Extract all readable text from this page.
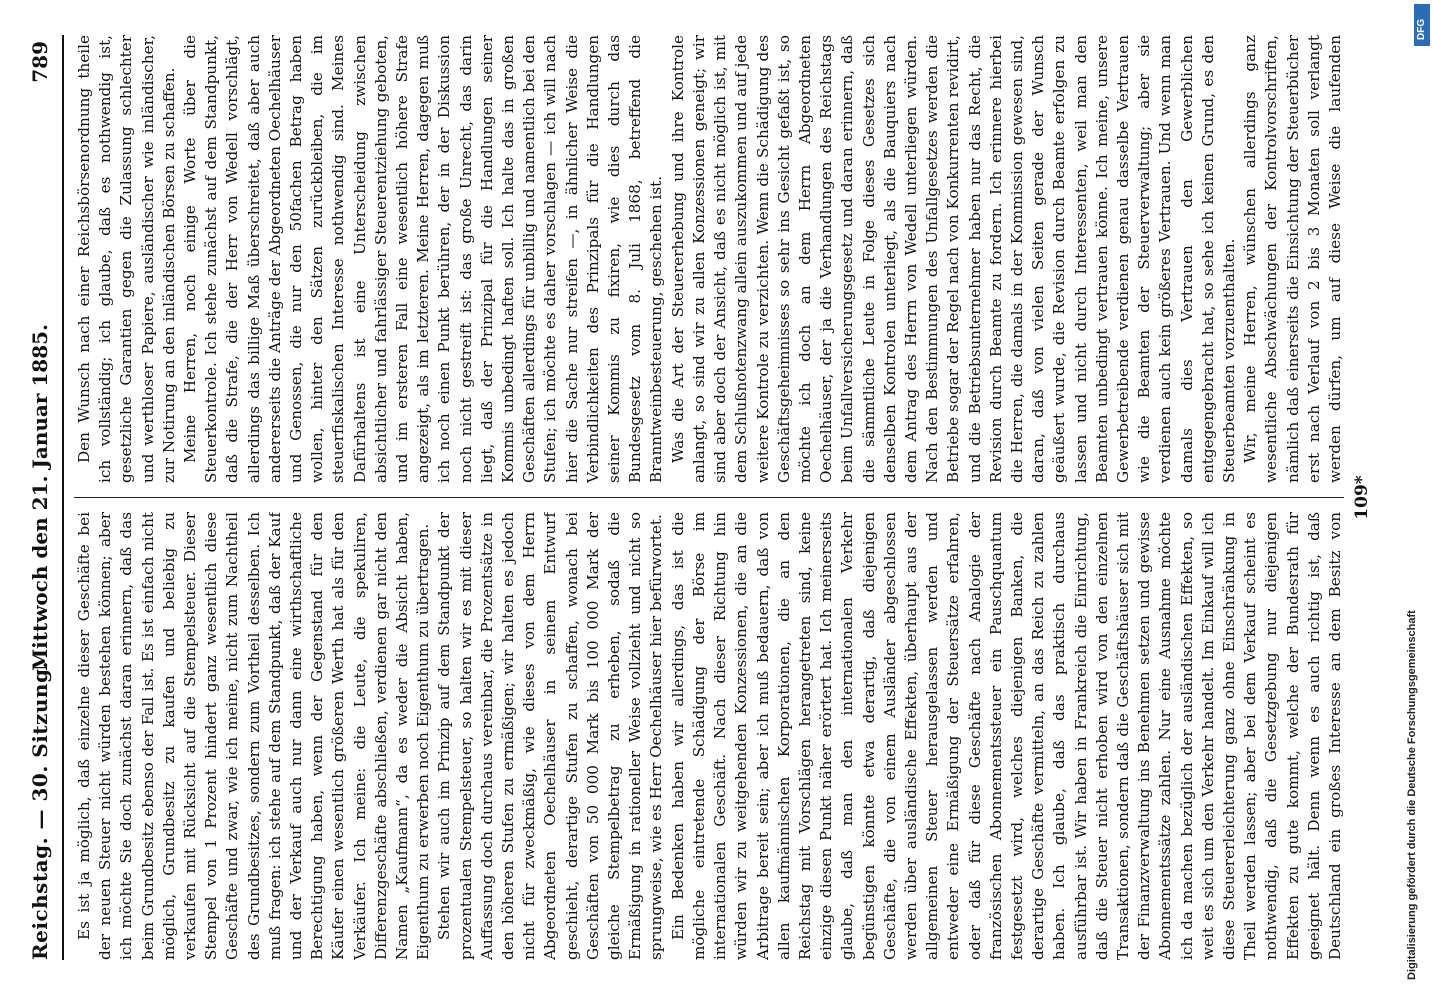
Reichstag. — 30. Sitzung.
Mittwoch den 21. Januar 1885.
789

Es ist ja möglich, daß einzelne dieser Geschäfte bei der neuen Steuer nicht würden bestehen können; aber ich möchte Sie doch zunächst daran erinnern, daß das beim Grundbesitz ebenso der Fall ist. Es ist einfach nicht möglich, Grundbesitz zu kaufen und beliebig zu verkaufen mit Rücksicht auf die Stempelsteuer. Dieser Stempel von 1 Prozent hindert ganz wesentlich diese Geschäfte und zwar, wie ich meine, nicht zum Nachtheil des Grundbesitzes, sondern zum Vortheil desselben. Ich muß fragen: ich stehe auf dem Standpunkt, daß der Kauf und der Verkauf auch nur dann eine wirthschaftliche Berechtigung haben, wenn der Gegenstand für den Käufer einen wesentlich größeren Werth hat als für den Verkäufer. Ich meine: die Leute, die spekuliren, Differenzgeschäfte abschließen, verdienen gar nicht den Namen „Kaufmann“, da es weder die Absicht haben, Eigenthum zu erwerben noch Eigenthum zu übertragen. Stehen wir auch im Prinzip auf dem Standpunkt der prozentualen Stempelsteuer, so halten wir es mit dieser Auffassung doch durchaus vereinbar, die Prozentsätze in den höheren Stufen zu ermäßigen; wir halten es jedoch nicht für zweckmäßig, wie dieses von dem Herrn Abgeordneten Oechelhäuser in seinem Entwurf geschieht, derartige Stufen zu schaffen, wonach bei Geschäften von 50 000 Mark bis 100 000 Mark der gleiche Stempelbetrag zu erheben, sodaß die Ermäßigung in rationeller Weise vollzieht und nicht so sprungweise, wie es Herr Oechelhäuser hier befürwortet. Ein Bedenken haben wir allerdings, das ist die mögliche eintretende Schädigung der Börse im internationalen Geschäft. Nach dieser Richtung hin würden wir zu weitgehenden Konzessionen, die an die Arbitrage bereit sein; aber ich muß bedauern, daß von allen kaufmännischen Korporationen, die an den Reichstag mit Vorschlägen herangetreten sind, keine einzige diesen Punkt näher erörtert hat. Ich meinerseits glaube, daß man den internationalen Verkehr begünstigen könnte etwa derartig, daß diejenigen Geschäfte, die von einem Ausländer abgeschlossen werden über ausländische Effekten, überhaupt aus der allgemeinen Steuer herausgelassen werden und entweder eine Ermäßigung der Steuersätze erfahren, oder daß für diese Geschäfte nach Analogie der französischen Abonnementssteuer ein Pauschquantum festgesetzt wird, welches diejenigen Banken, die derartige Geschäfte vermitteln, an das Reich zu zahlen haben. Ich glaube, daß das praktisch durchaus ausführbar ist. Wir haben in Frankreich die Einrichtung, daß die Steuer nicht erhoben wird von den einzelnen Transaktionen, sondern daß die Geschäftshäuser sich mit der Finanzverwaltung ins Benehmen setzen und gewisse Abonnementssätze zahlen. Nur eine Ausnahme möchte ich da machen bezüglich der ausländischen Effekten, so weit es sich um den Verkehr handelt. Im Einkauf will ich diese Steuererleichterung ganz ohne Einschränkung in Theil werden lassen; aber bei dem Verkauf scheint es nothwendig, daß die Gesetzgebung nur diejenigen Effekten zu gute kommt, welche der Bundesrath für geeignet hält. Denn wenn es auch richtig ist, daß Deutschland ein großes Interesse an dem Besitz von

Den Wunsch nach einer Reichsbörsenordnung theile ich vollständig; ich glaube, daß es nothwendig ist, gesetzliche Garantien gegen die Zulassung schlechter und werthloser Papiere, ausländischer wie inländischer, zur Notirung an den inländischen Börsen zu schaffen. Meine Herren, noch einige Worte über die Steuerkontrole. Ich stehe zunächst auf dem Standpunkt, daß die Strafe, die der Herr von Wedell vorschlägt, allerdings das billige Maß überschreitet, daß aber auch andererseits die Anträge der Abgeordneten Oechelhäuser und Genossen, die nur den 50fachen Betrag haben wollen, hinter den Sätzen zurückbleiben, die im steuerfiskalischen Interesse nothwendig sind. Meines Dafürhaltens ist eine Unterscheidung zwischen absichtlicher und fahrlässiger Steuerentziehung geboten, und im ersteren Fall eine wesentlich höhere Strafe angezeigt, als im letzteren. Meine Herren, dagegen muß ich noch einen Punkt berühren, der in der Diskussion noch nicht gestreift ist: das große Unrecht, das darin liegt, daß der Prinzipal für die Handlungen seiner Kommis unbedingt haften soll. Ich halte das in großen Geschäften allerdings für unbillig und namentlich bei den Stufen; ich möchte es daher vorschlagen — ich will nach hier die Sache nur streifen —, in ähnlicher Weise die Verbindlichkeiten des Prinzipals für die Handlungen seiner Kommis zu fixiren, wie dies durch das Bundesgesetz vom 8. Juli 1868, betreffend die Branntweinbesteuerung, geschehen ist. Was die Art der Steuererhebung und ihre Kontrole anlangt, so sind wir zu allen Konzessionen geneigt; wir sind aber doch der Ansicht, daß es nicht möglich ist, mit dem Schlußnotenzwang allein auszukommen und auf jede weitere Kontrole zu verzichten. Wenn die Schädigung des Geschäftsgeheimnisses so sehr ins Gesicht gefaßt ist, so möchte ich doch an dem Herrn Abgeordneten Oechelhäuser, der ja die Verhandlungen des Reichstags beim Unfallversicherungsgesetz und daran erinnern, daß die sämmtliche Leute in Folge dieses Gesetzes sich denselben Kontrolen unterliegt, als die Bauquiers nach dem Antrag des Herrn von Wedell unterliegen würden. Nach den Bestimmungen des Unfallgesetzes werden die Betriebe sogar der Regel nach von Konkurrenten revidirt, und die Betriebsunternehmer haben nur das Recht, die Revision durch Beamte zu fordern. Ich erinnere hierbei die Herren, die damals in der Kommission gewesen sind, daran, daß von vielen Seiten gerade der Wunsch geäußert wurde, die Revision durch Beamte erfolgen zu lassen und nicht durch Interessenten, weil man den Beamten unbedingt vertrauen könne. Ich meine, unsere Gewerbetreibende verdienen genau dasselbe Vertrauen wie die Beamten der Steuerverwaltung; aber sie verdienen auch kein größeres Vertrauen. Und wenn man damals dies Vertrauen den Gewerblichen entgegengebracht hat, so sehe ich keinen Grund, es den Steuerbeamten vorzuenthalten. Wir, meine Herren, wünschen allerdings ganz wesentliche Abschwächungen der Kontrolvorschriften, nämlich daß einerseits die Einsichtung der Steuerbücher erst nach Verlauf von 2 bis 3 Monaten soll verlangt werden dürfen, um auf diese Weise die laufenden

109*
Digitalisierung gefördert durch die Deutsche Forschungsgemeinschaft
DFG
